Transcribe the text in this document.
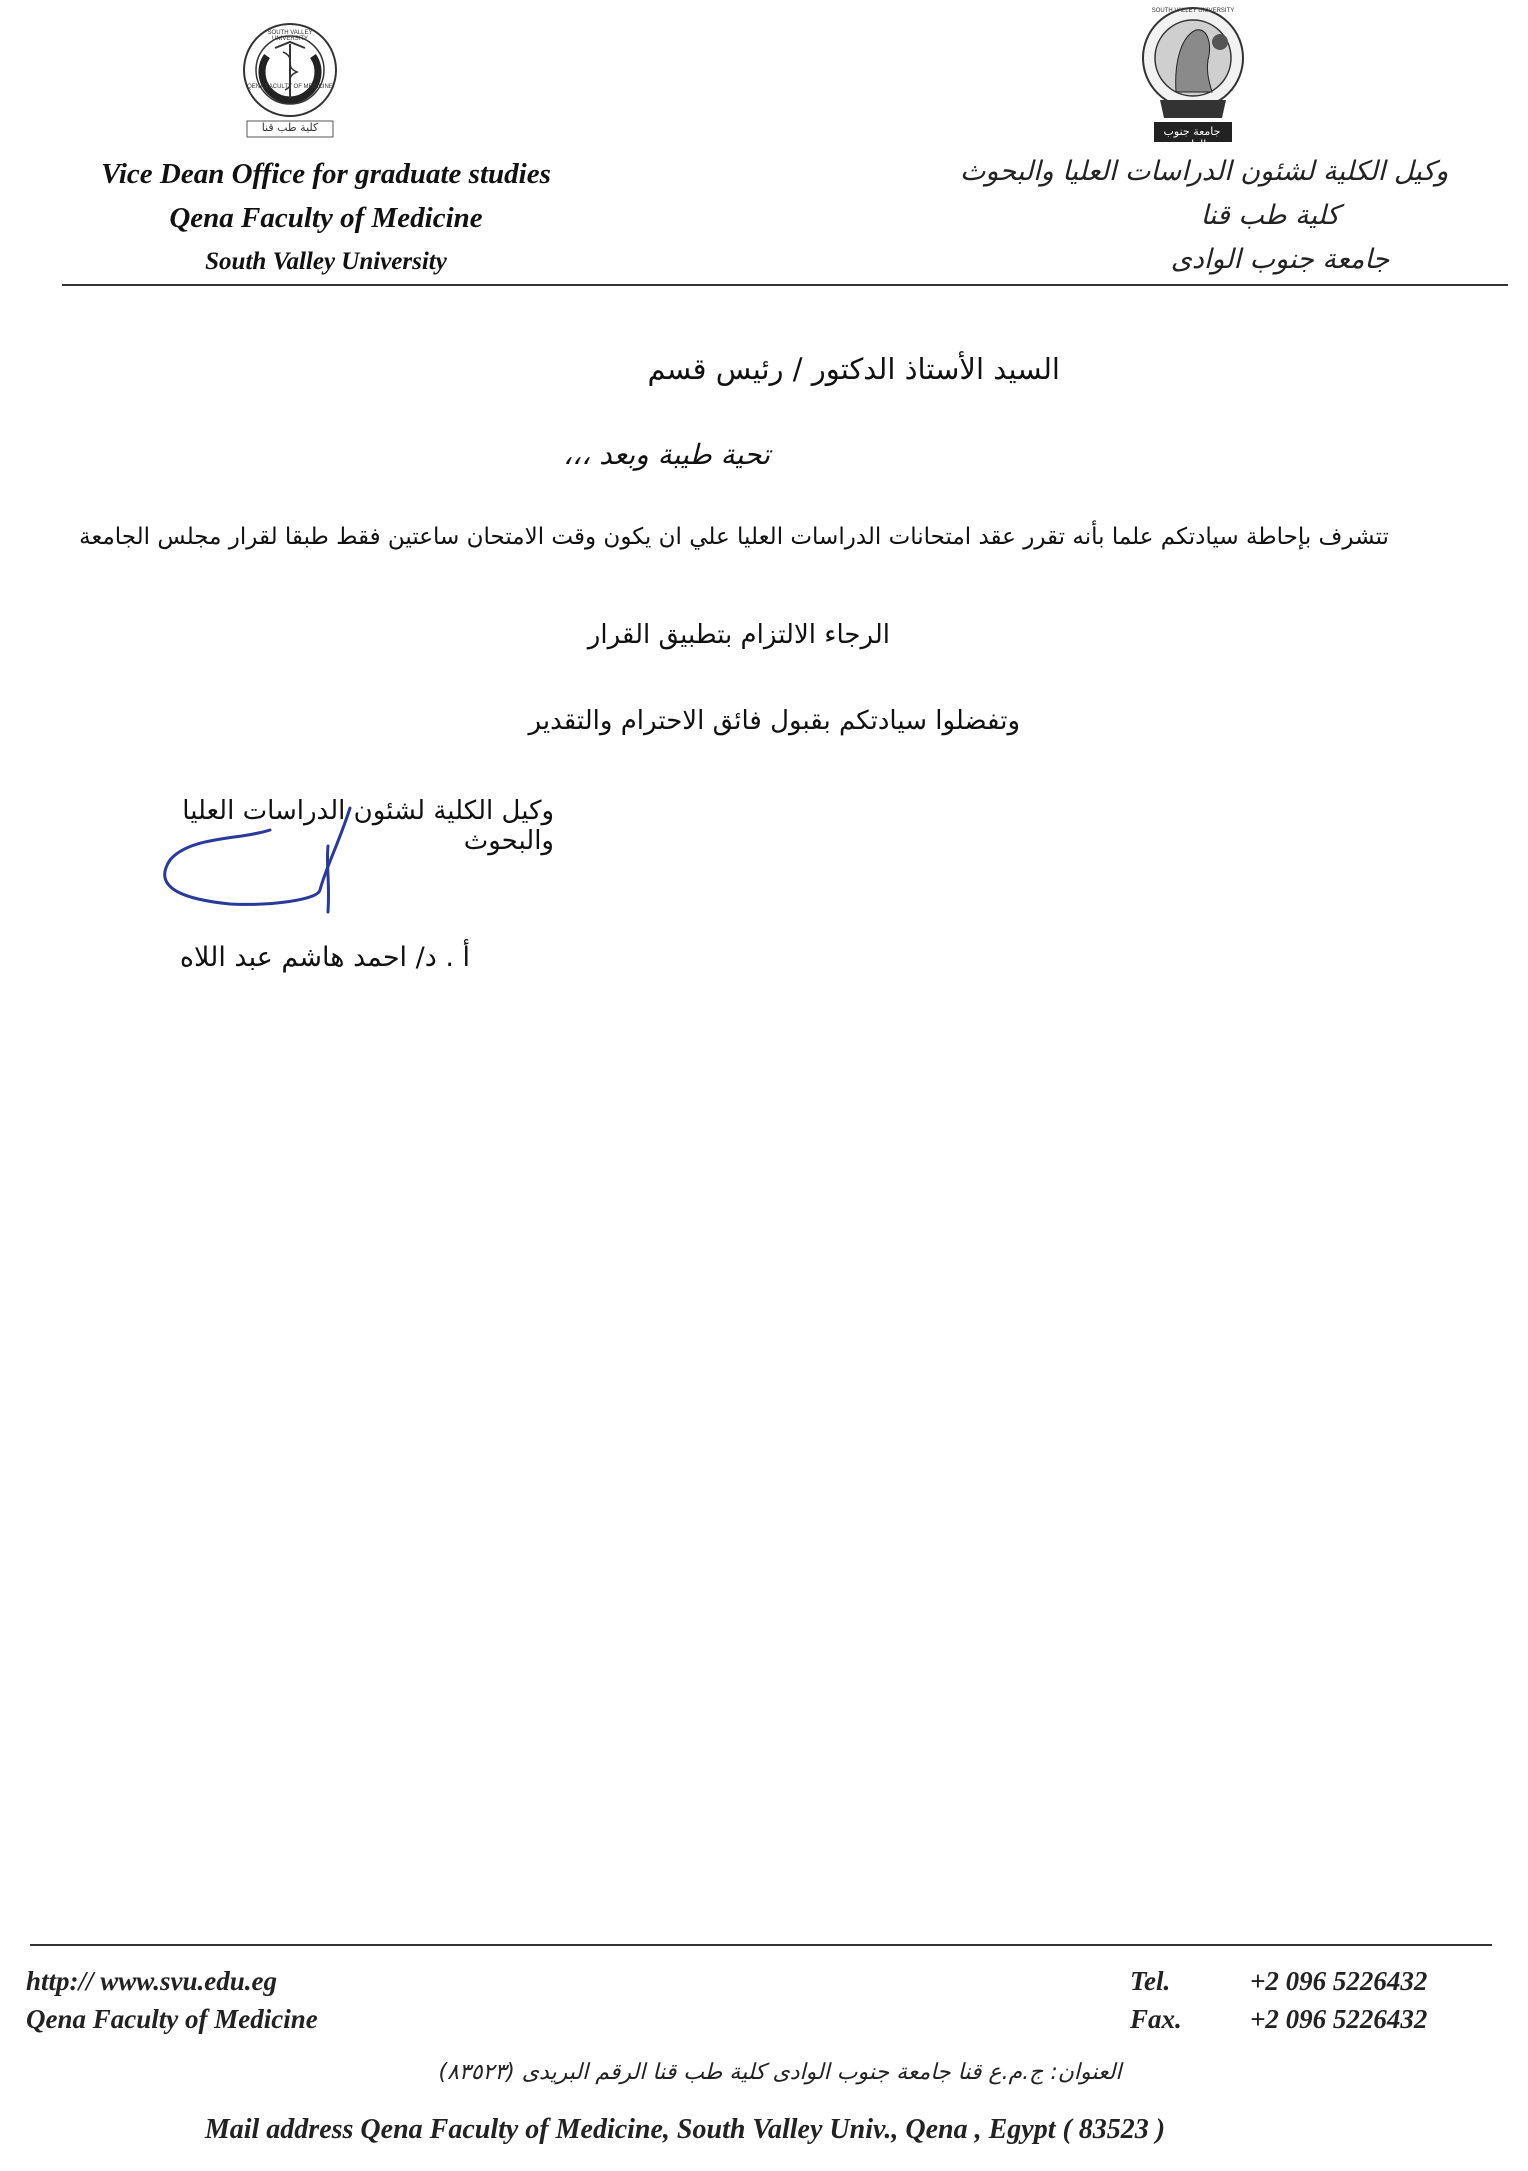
SOUTH VALLEY UNIVERSITY
QENA FACULTY OF MEDICINE
كلية طب قنا
SOUTH VALLEY UNIVERSITY
جامعة جنوب الوادى
Vice Dean Office for graduate studies
Qena Faculty of Medicine
South Valley University
وكيل الكلية لشئون الدراسات العليا والبحوث
كلية طب قنا
جامعة جنوب الوادى
السيد الأستاذ الدكتور / رئيس قسم
تحية طيبة وبعد ،،،
تتشرف بإحاطة سيادتكم علما بأنه تقرر عقد امتحانات الدراسات العليا علي ان يكون وقت الامتحان ساعتين فقط طبقا لقرار مجلس الجامعة
الرجاء الالتزام بتطبيق القرار
وتفضلوا سيادتكم بقبول فائق الاحترام والتقدير
وكيل الكلية لشئون الدراسات العليا والبحوث
أ . د/ احمد هاشم عبد اللاه
http:// www.svu.edu.eg
Qena Faculty of Medicine
Tel.	+2 096 5226432
Fax.	+2 096 5226432
العنوان: ج.م.ع قنا جامعة جنوب الوادى كلية طب قنا الرقم البريدى (٨٣٥٢٣)
Mail address Qena Faculty of Medicine, South Valley Univ., Qena , Egypt ( 83523 )
